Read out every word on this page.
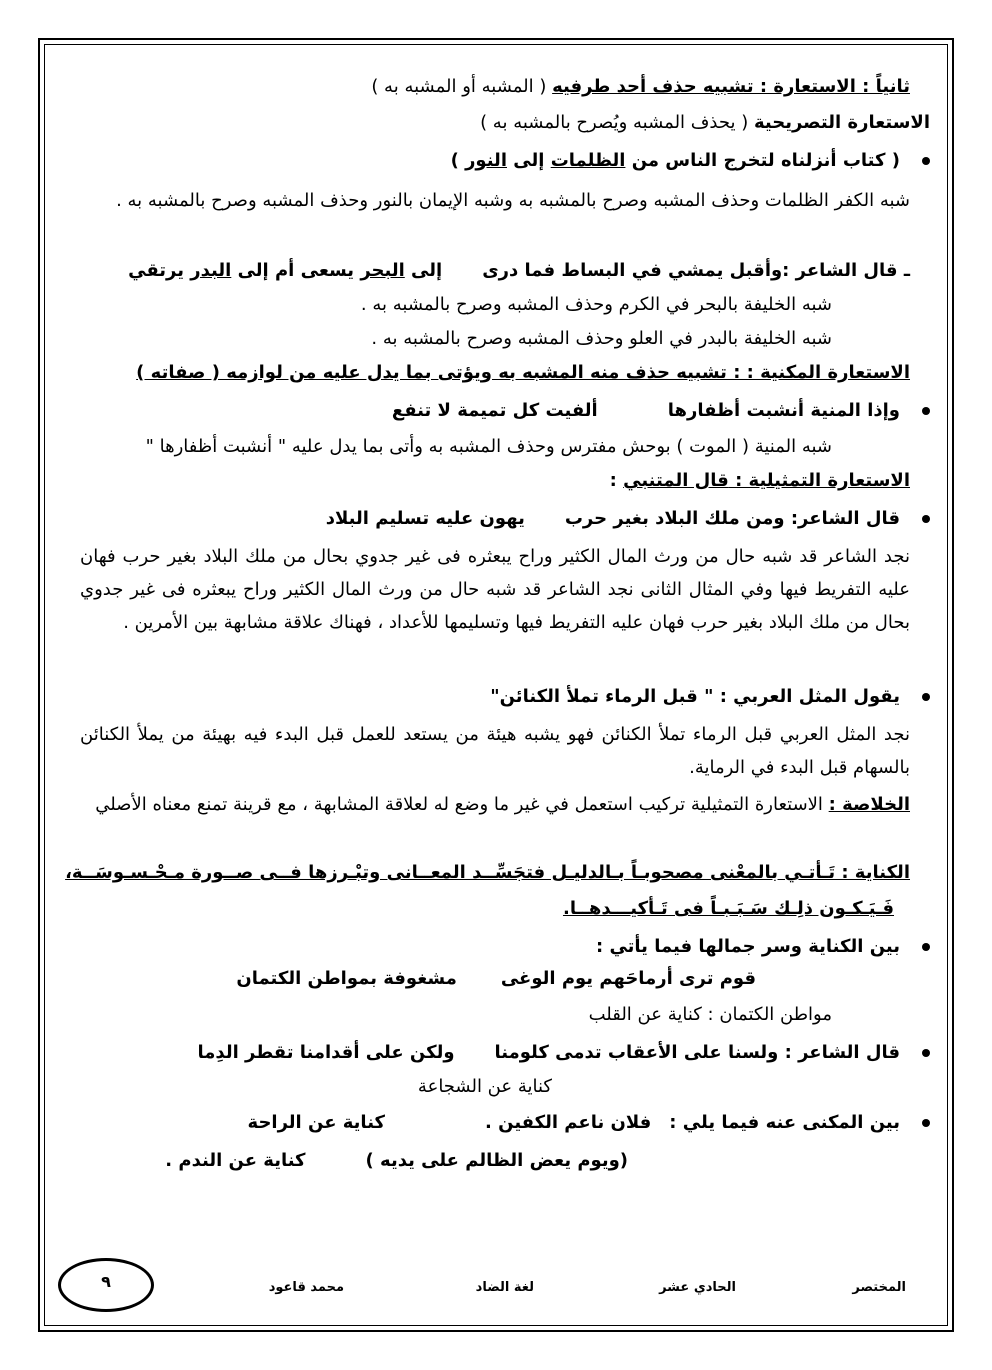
ثانياً : الاستعارة : تشبيه حذف أحد طرفيه ( المشبه أو المشبه به )
الاستعارة التصريحية ( يحذف المشبه ويُصرح بالمشبه به )
( كتاب أنزلناه لتخرج الناس من الظلمات إلى النور )
شبه الكفر الظلمات وحذف المشبه وصرح بالمشبه به وشبه الإيمان بالنور وحذف المشبه وصرح بالمشبه به .
ـ قال الشاعر :وأقبل يمشي في البساط فما درىإلى البحر يسعى أم إلى البدر يرتقي
شبه الخليفة بالبحر في الكرم وحذف المشبه وصرح بالمشبه به .
شبه الخليفة بالبدر في العلو وحذف المشبه وصرح بالمشبه به .
الاستعارة المكنية : : تشبيه حذف منه المشبه به ويؤتى بما يدل عليه من لوازمه ( صفاته )
وإذا المنية أنشبت أظفارهاألفيت كل تميمة لا تنفع
شبه المنية ( الموت ) بوحش مفترس وحذف المشبه به وأتى بما يدل عليه " أنشبت أظفارها "
الاستعارة التمثيلية : قال المتنبي :
قال الشاعر: ومن ملك البلاد بغير حربيهون عليه تسليم البلاد
نجد الشاعر قد شبه حال من ورث المال الكثير وراح يبعثره فى غير جدوي بحال من ملك البلاد بغير حرب فهان عليه التفريط فيها وفي المثال الثانى نجد الشاعر قد شبه حال من ورث المال الكثير وراح يبعثره فى غير جدوي بحال من ملك البلاد بغير حرب فهان عليه التفريط فيها وتسليمها للأعداد ، فهناك علاقة مشابهة بين الأمرين .
يقول المثل العربي : " قبل الرماء تملأ الكنائن"
نجد المثل العربي قبل الرماء تملأ الكنائن فهو يشبه هيئة من يستعد للعمل قبل البدء فيه بهيئة من يملأ الكنائن بالسهام قبل البدء في الرماية.
الخلاصة : الاستعارة التمثيلية تركيب استعمل في غير ما وضع له لعلاقة المشابهة ، مع قرينة تمنع معناه الأصلي
الكناية : تَـأتـي بالمعْنى مصحوبـاً بـالدليـل فتجَسِّــد المعــانى وتبْـرزها فــى صــورة مـحْـسـوسَــة،
فَـيَـكـون ذلِـك سَـبَـبـاً فى تَـأكيـــدهــا.
بين الكناية وسر جمالها فيما يأتي :
قوم ترى أرماحَهم يوم الوغىمشغوفة بمواطن الكتمان
مواطن الكتمان : كناية عن القلب
قال الشاعر : ولسنا على الأعقاب تدمى كلومناولكن على أقدامنا تقطر الدِما
كناية عن الشجاعة
بين المكنى عنه فيما يلي :فلان ناعم الكفين .كناية عن الراحة
(ويوم يعض الظالم على يديه )كناية عن الندم .
المختصر
الحادي عشر
لغة الضاد
محمد قاعود
٩
